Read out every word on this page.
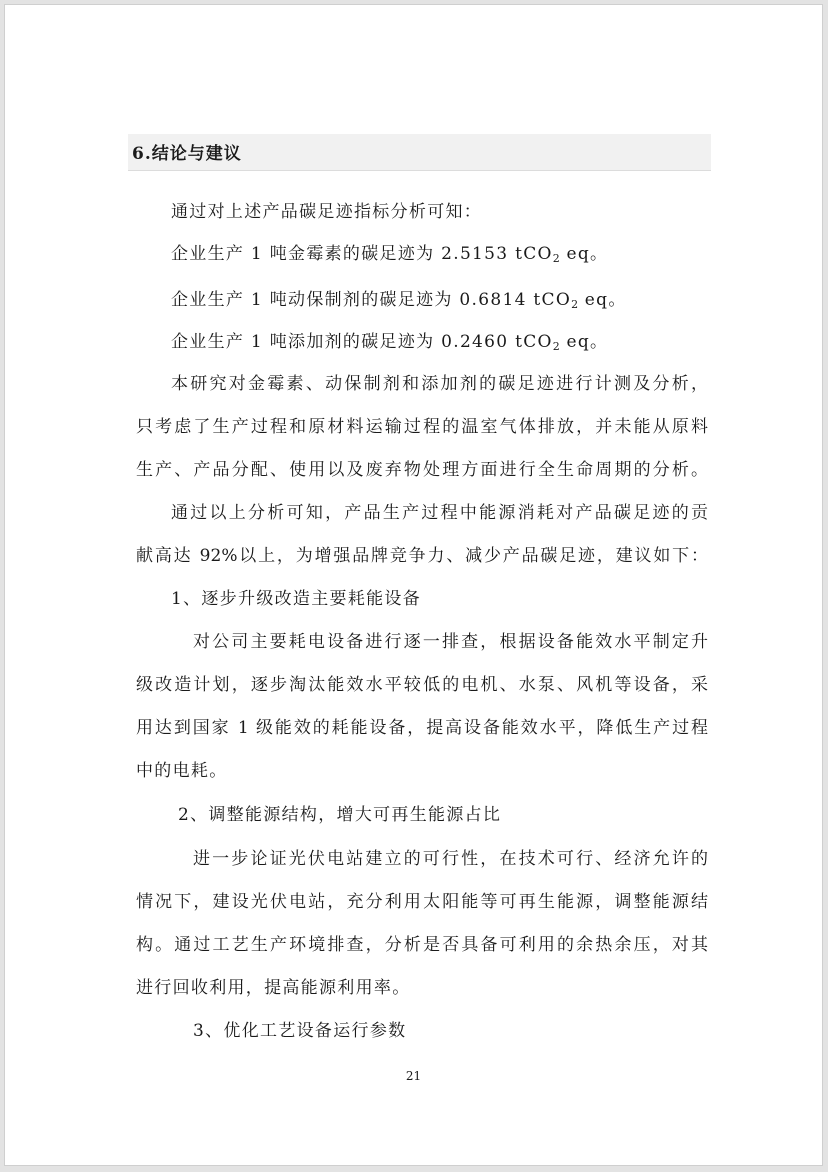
6.结论与建议
通过对上述产品碳足迹指标分析可知：
企业生产 1 吨金霉素的碳足迹为 2.5153 tCO$_2$ eq。
企业生产 1 吨动保制剂的碳足迹为 0.6814 tCO$_2$ eq。
企业生产 1 吨添加剂的碳足迹为 0.2460 tCO$_2$ eq。
本研究对金霉素、动保制剂和添加剂的碳足迹进行计测及分析，
只考虑了生产过程和原材料运输过程的温室气体排放，并未能从原料
生产、产品分配、使用以及废弃物处理方面进行全生命周期的分析。
通过以上分析可知，产品生产过程中能源消耗对产品碳足迹的贡
献高达 92%以上，为增强品牌竞争力、减少产品碳足迹，建议如下：
1、逐步升级改造主要耗能设备
对公司主要耗电设备进行逐一排查，根据设备能效水平制定升
级改造计划，逐步淘汰能效水平较低的电机、水泵、风机等设备，采
用达到国家 1 级能效的耗能设备，提高设备能效水平，降低生产过程
中的电耗。
2、调整能源结构，增大可再生能源占比
进一步论证光伏电站建立的可行性，在技术可行、经济允许的
情况下，建设光伏电站，充分利用太阳能等可再生能源，调整能源结
构。通过工艺生产环境排查，分析是否具备可利用的余热余压，对其
进行回收利用，提高能源利用率。
3、优化工艺设备运行参数
21
